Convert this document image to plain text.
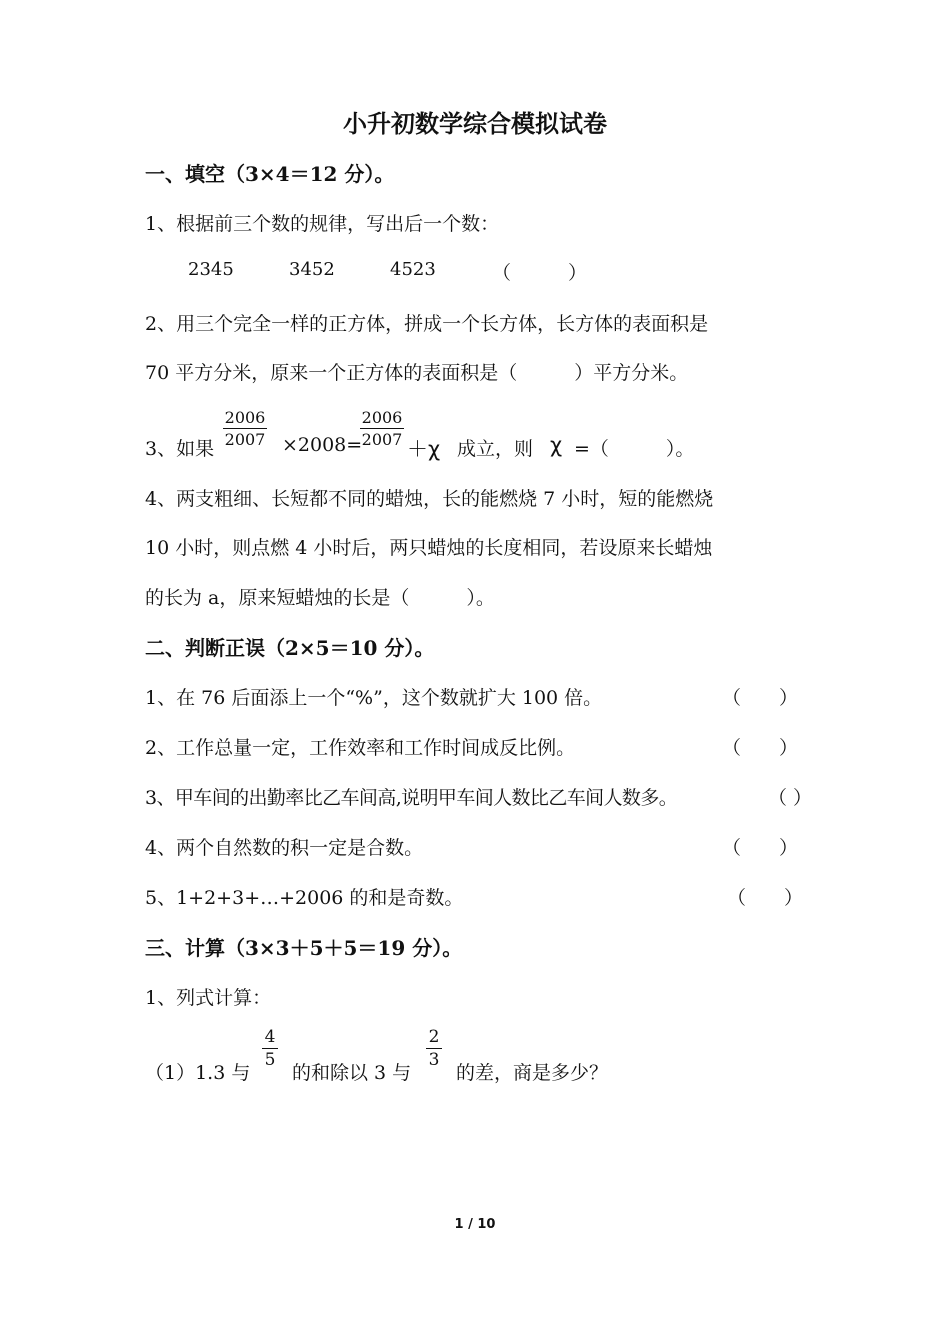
小升初数学综合模拟试卷
一、填空（3×4＝12 分）。
1、根据前三个数的规律，写出后一个数：
2345	3452	4523	（　　　）
2、用三个完全一样的正方体，拼成一个长方体，长方体的表面积是
70 平方分米，原来一个正方体的表面积是（　　　）平方分米。
3、如果
2006
2007 ×2008=
2006
2007 ＋χ 成立，则 χ =（　　　）。
4、两支粗细、长短都不同的蜡烛，长的能燃烧 7 小时，短的能燃烧
10 小时，则点燃 4 小时后，两只蜡烛的长度相同，若设原来长蜡烛
的长为 a，原来短蜡烛的长是（　　　）。
二、判断正误（2×5＝10 分）。
1、在 76 后面添上一个“%”，这个数就扩大 100 倍。	（　　）
2、工作总量一定，工作效率和工作时间成反比例。	（　　）
3、甲车间的出勤率比乙车间高,说明甲车间人数比乙车间人数多。	（ ）
4、两个自然数的积一定是合数。	（　　）
5、1+2+3+…+2006 的和是奇数。	（　　）
三、计算（3×3＋5＋5＝19 分）。
1、列式计算：
（1）1.3 与
4
5
的和除以 3 与
2
3
的差，商是多少？
1 / 10
